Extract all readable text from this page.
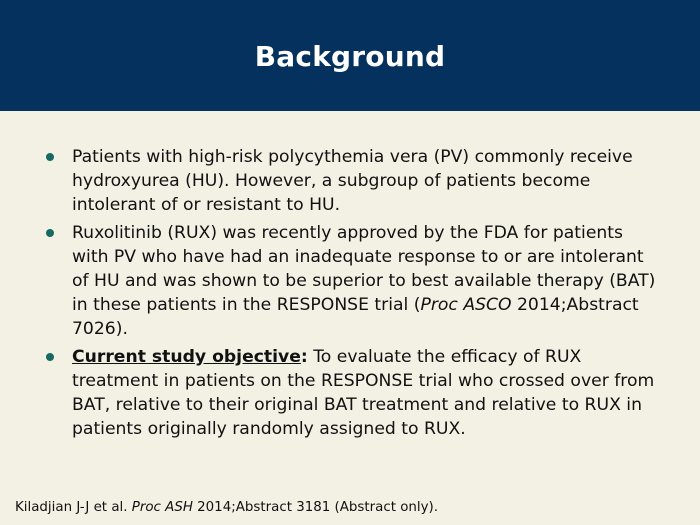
Background
Patients with high-risk polycythemia vera (PV) commonly receive hydroxyurea (HU). However, a subgroup of patients become intolerant of or resistant to HU.
Ruxolitinib (RUX) was recently approved by the FDA for patients with PV who have had an inadequate response to or are intolerant of HU and was shown to be superior to best available therapy (BAT) in these patients in the RESPONSE trial (Proc ASCO 2014;Abstract 7026).
Current study objective: To evaluate the efficacy of RUX treatment in patients on the RESPONSE trial who crossed over from BAT, relative to their original BAT treatment and relative to RUX in patients originally randomly assigned to RUX.
Kiladjian J-J et al. Proc ASH 2014;Abstract 3181 (Abstract only).
